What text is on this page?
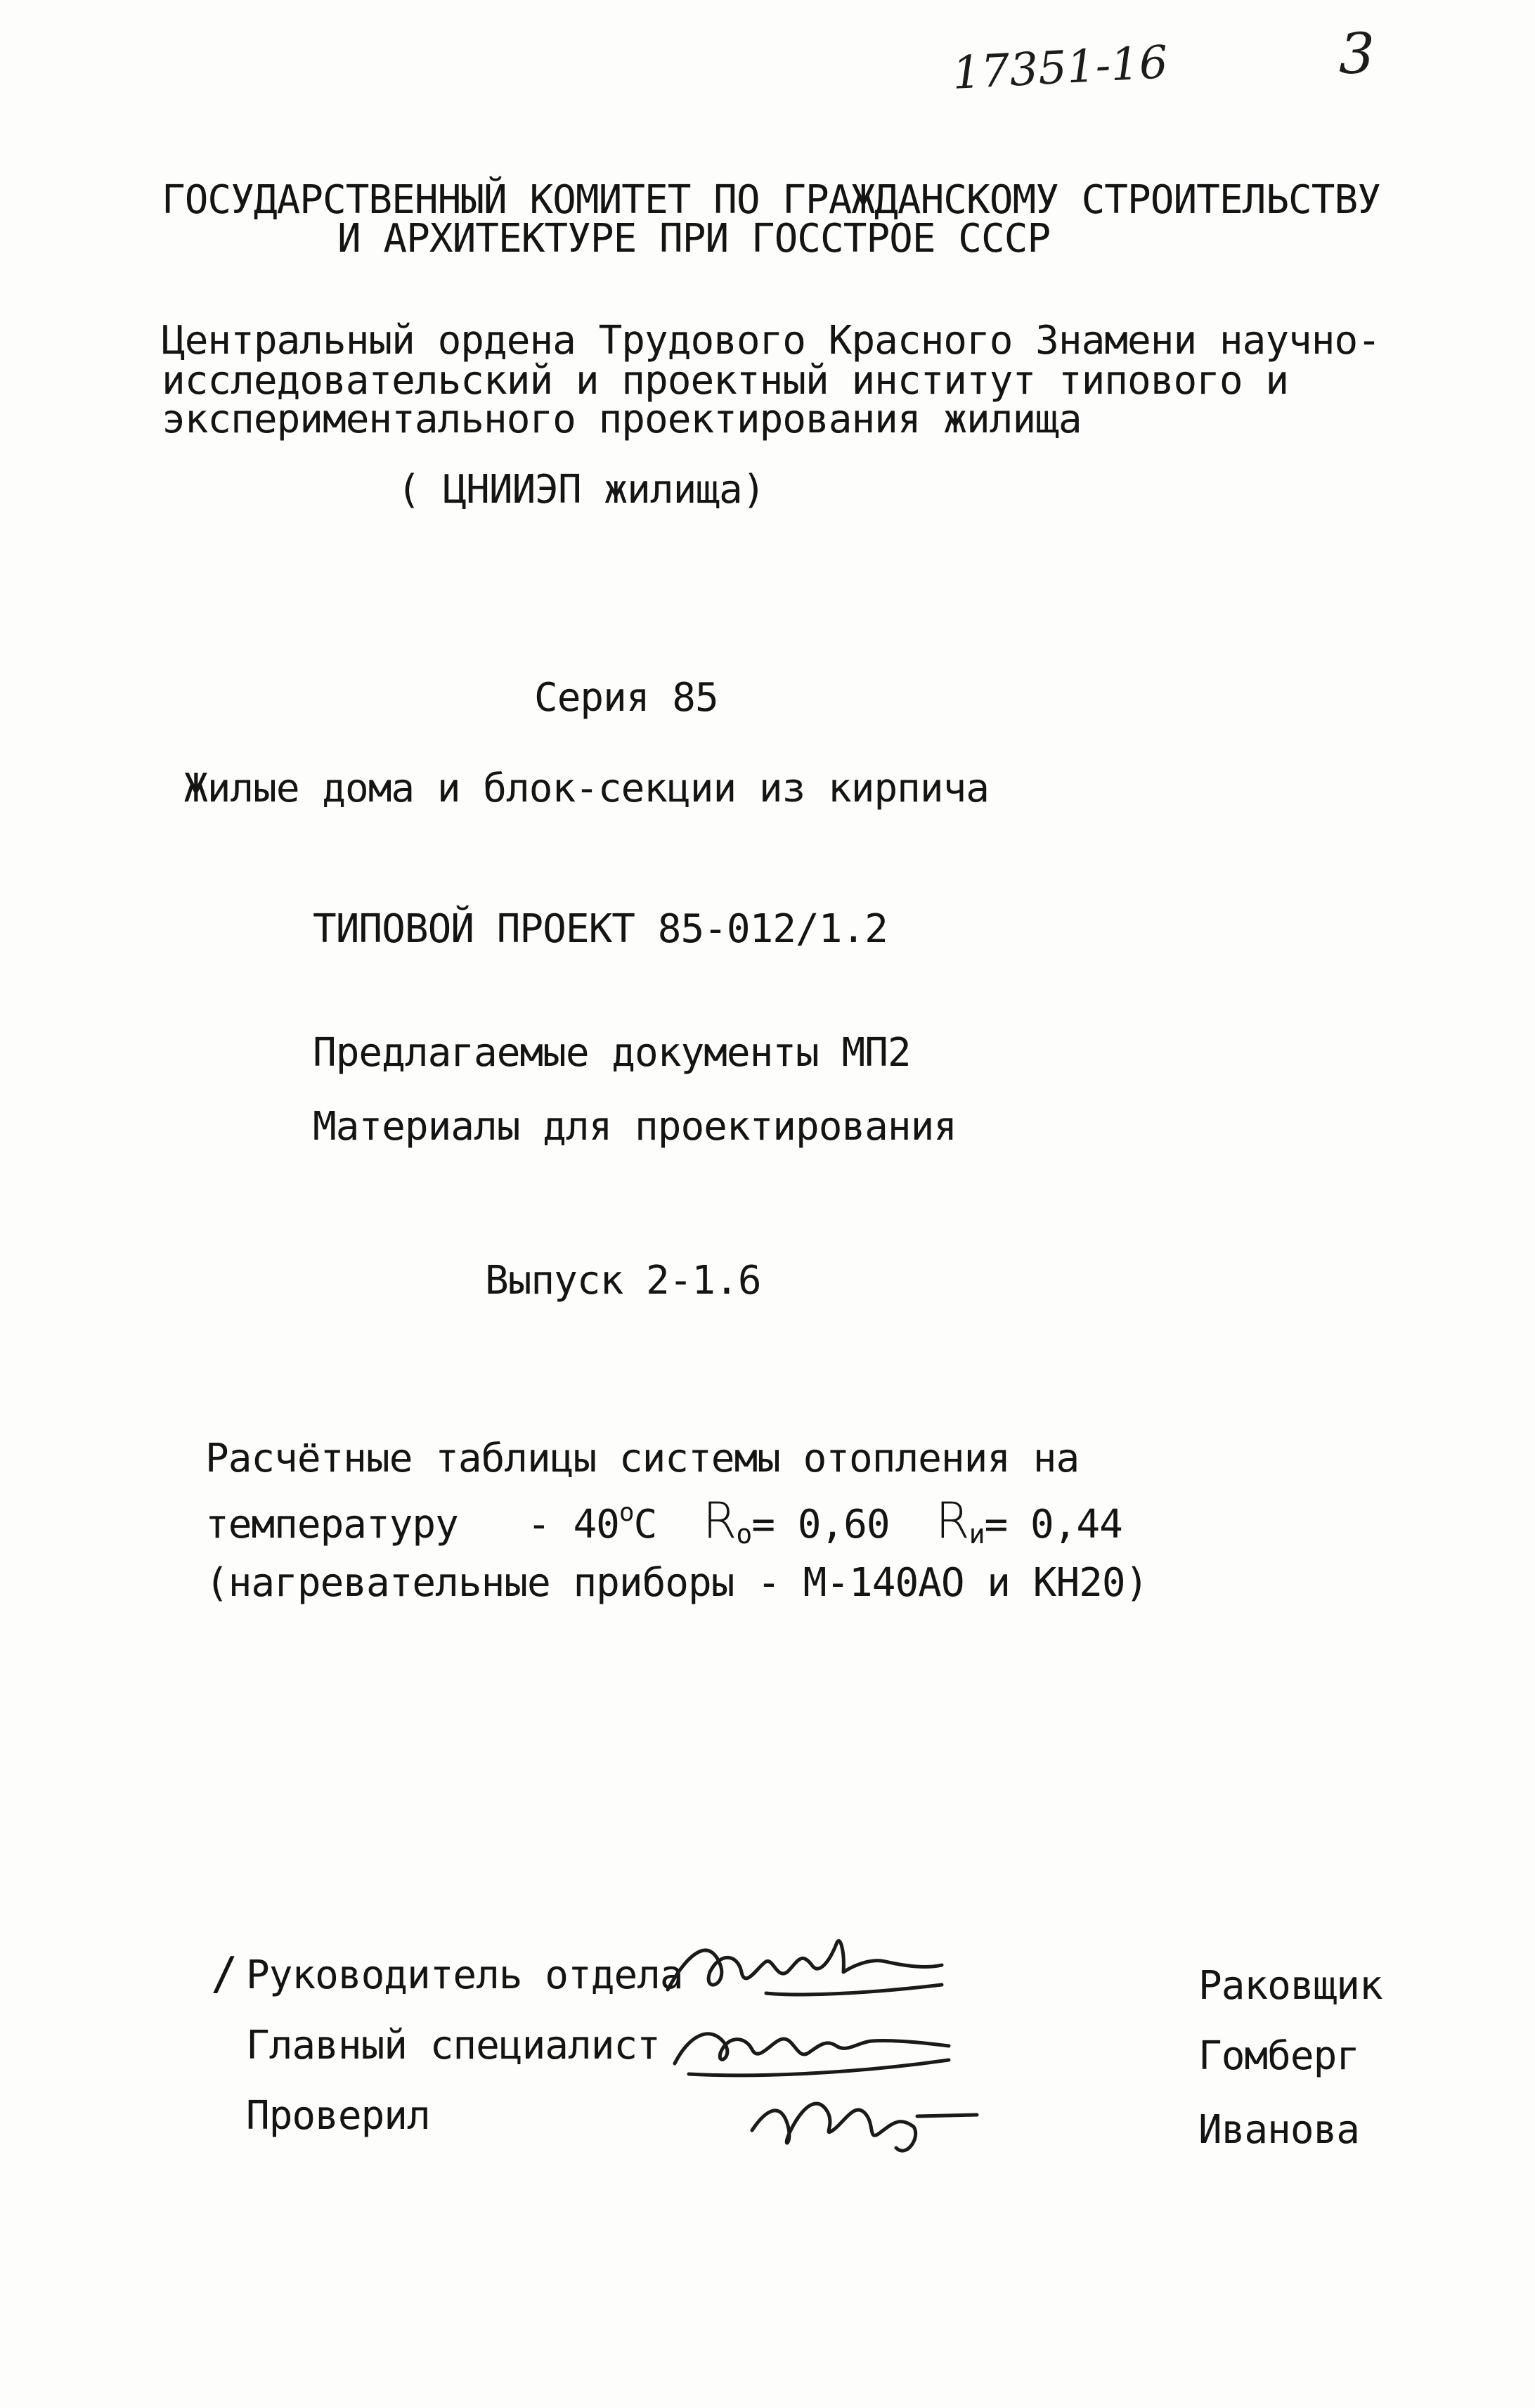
17351-16	3
ГОСУДАРСТВЕННЫЙ КОМИТЕТ ПО ГРАЖДАНСКОМУ СТРОИТЕЛЬСТВУ
И АРХИТЕКТУРЕ ПРИ ГОССТРОЕ СССР
Центральный ордена Трудового Красного Знамени научно-
исследовательский и проектный институт типового и
экспериментального проектирования жилища
( ЦНИИЭП жилища)
Серия 85
Жилые дома и блок-секции из кирпича
ТИПОВОЙ ПРОЕКТ 85-012/1.2
Предлагаемые документы МП2
Материалы для проектирования
Выпуск 2-1.6
Расчётные таблицы системы отопления на
температуру - $40^оС$ $R_о= 0,60$ $R_и= 0,44$
(нагревательные приборы - М-140АО и КН20)
/ Руководитель отдела
Главный специалист
Проверил
Раковщик
Гомберг
Иванова
